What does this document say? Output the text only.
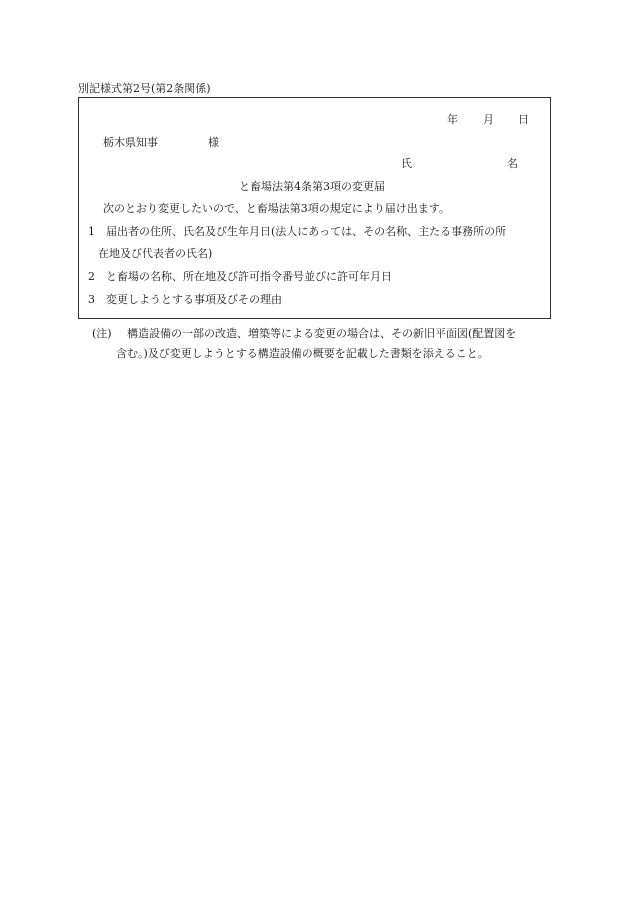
別記様式第2号(第2条関係)
年 月 日
栃木県知事	様
氏	名
と畜場法第4条第3項の変更届
次のとおり変更したいので、と畜場法第3項の規定により届け出ます。
1 届出者の住所、氏名及び生年月日(法人にあっては、その名称、主たる事務所の所
在地及び代表者の氏名)
2 と畜場の名称、所在地及び許可指令番号並びに許可年月日
3 変更しようとする事項及びその理由
(注) 構造設備の一部の改造、増築等による変更の場合は、その新旧平面図(配置図を
含む。)及び変更しようとする構造設備の概要を記載した書類を添えること。
